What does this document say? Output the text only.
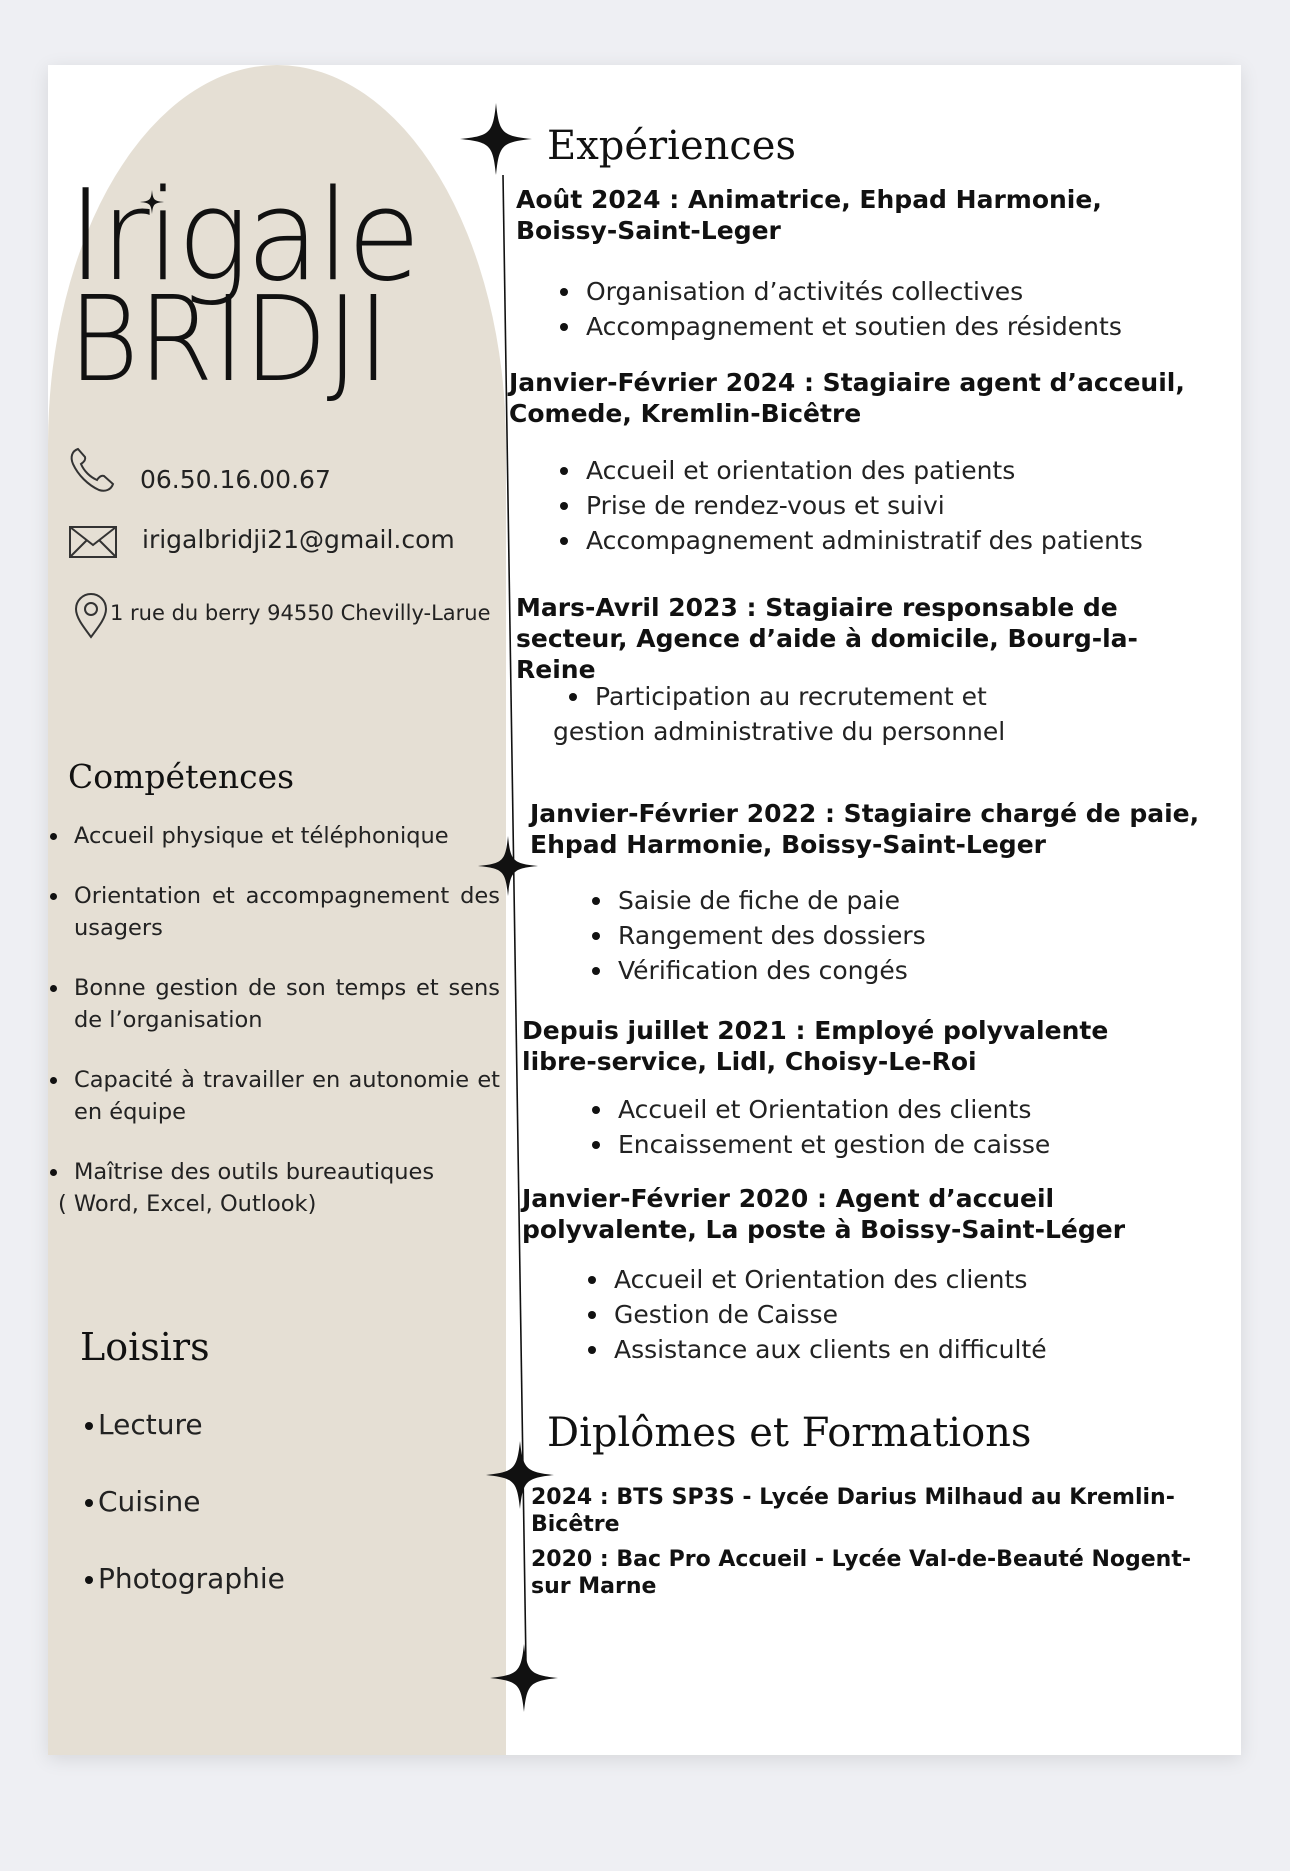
Irigale
BRIDJI
06.50.16.00.67
irigalbridji21@gmail.com
1 rue du berry 94550 Chevilly-Larue
Compétences
Accueil physique et téléphonique
Orientation et accompagnement des usagers
Bonne gestion de son temps et sens de l’organisation
Capacité à travailler en autonomie et en équipe
Maîtrise des outils bureautiques
( Word, Excel, Outlook)
Loisirs
Lecture
Cuisine
Photographie
Expériences
Août 2024 : Animatrice, Ehpad Harmonie, Boissy-Saint-Leger
Organisation d’activités collectives
Accompagnement et soutien des résidents
Janvier-Février 2024 : Stagiaire agent d’acceuil, Comede, Kremlin-Bicêtre
Accueil et orientation des patients
Prise de rendez-vous et suivi
Accompagnement administratif des patients
Mars-Avril 2023 : Stagiaire responsable de secteur, Agence d’aide à domicile, Bourg-la-Reine
Participation au recrutement et
gestion administrative du personnel
Janvier-Février 2022 : Stagiaire chargé de paie, Ehpad Harmonie, Boissy-Saint-Leger
Saisie de fiche de paie
Rangement des dossiers
Vérification des congés
Depuis juillet 2021 : Employé polyvalente libre-service, Lidl, Choisy-Le-Roi
Accueil et Orientation des clients
Encaissement et gestion de caisse
Janvier-Février 2020 : Agent d’accueil polyvalente, La poste à Boissy-Saint-Léger
Accueil et Orientation des clients
Gestion de Caisse
Assistance aux clients en difficulté
Diplômes et Formations
2024 : BTS SP3S - Lycée Darius Milhaud au Kremlin-Bicêtre
2020 : Bac Pro Accueil - Lycée Val-de-Beauté Nogent- sur Marne
